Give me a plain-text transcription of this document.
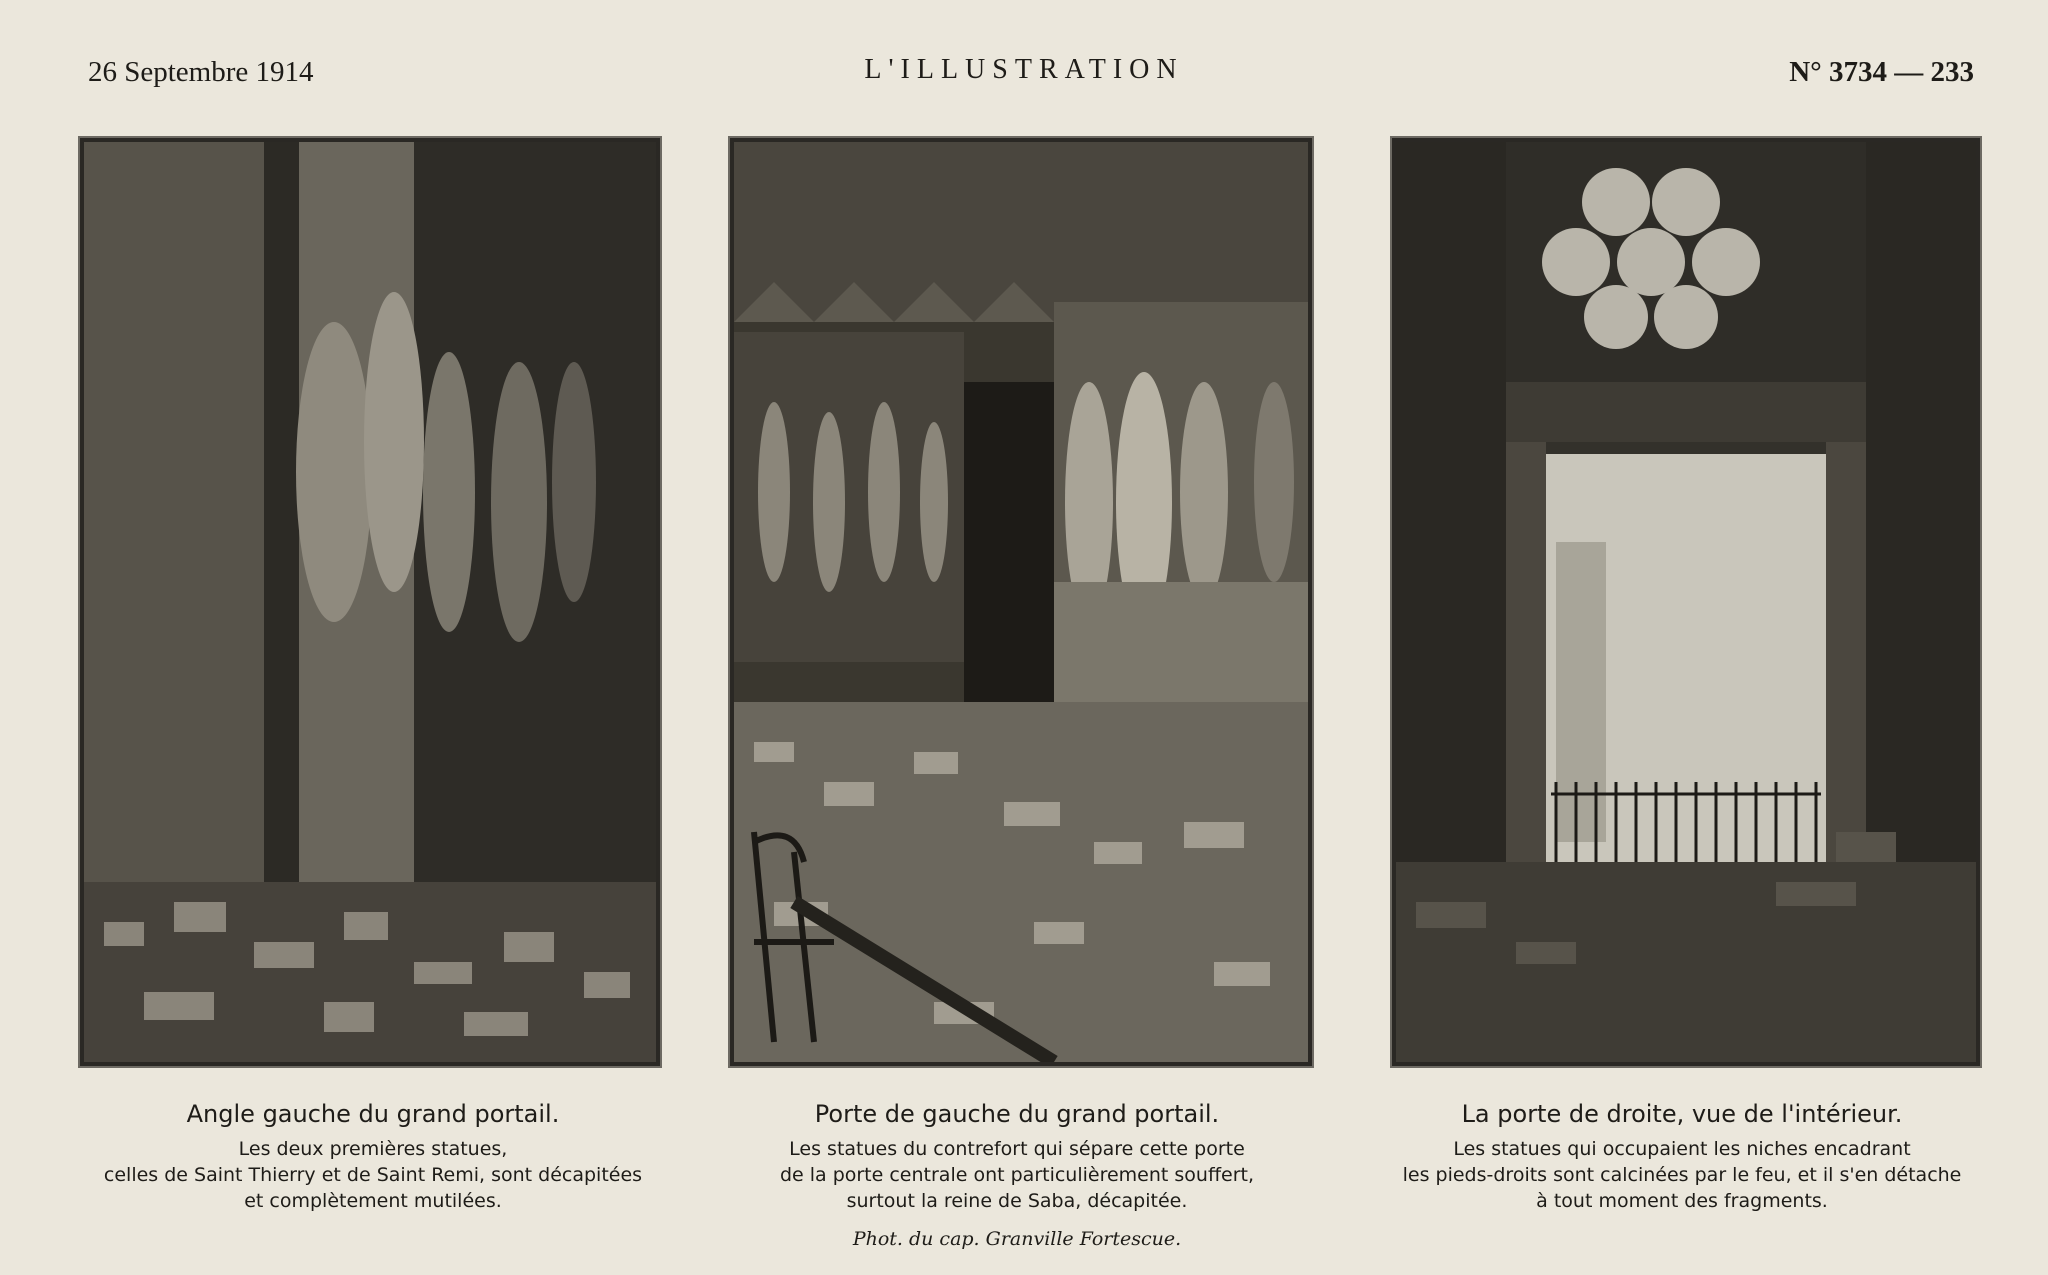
26 Septembre 1914	L'ILLUSTRATION	N° 3734 — 233
Angle gauche du grand portail.
Les deux premières statues,
celles de Saint Thierry et de Saint Remi, sont décapitées
et complètement mutilées.
Porte de gauche du grand portail.
Les statues du contrefort qui sépare cette porte
de la porte centrale ont particulièrement souffert,
surtout la reine de Saba, décapitée.
Phot. du cap. Granville Fortescue.
La porte de droite, vue de l'intérieur.
Les statues qui occupaient les niches encadrant
les pieds-droits sont calcinées par le feu, et il s'en détache
à tout moment des fragments.
